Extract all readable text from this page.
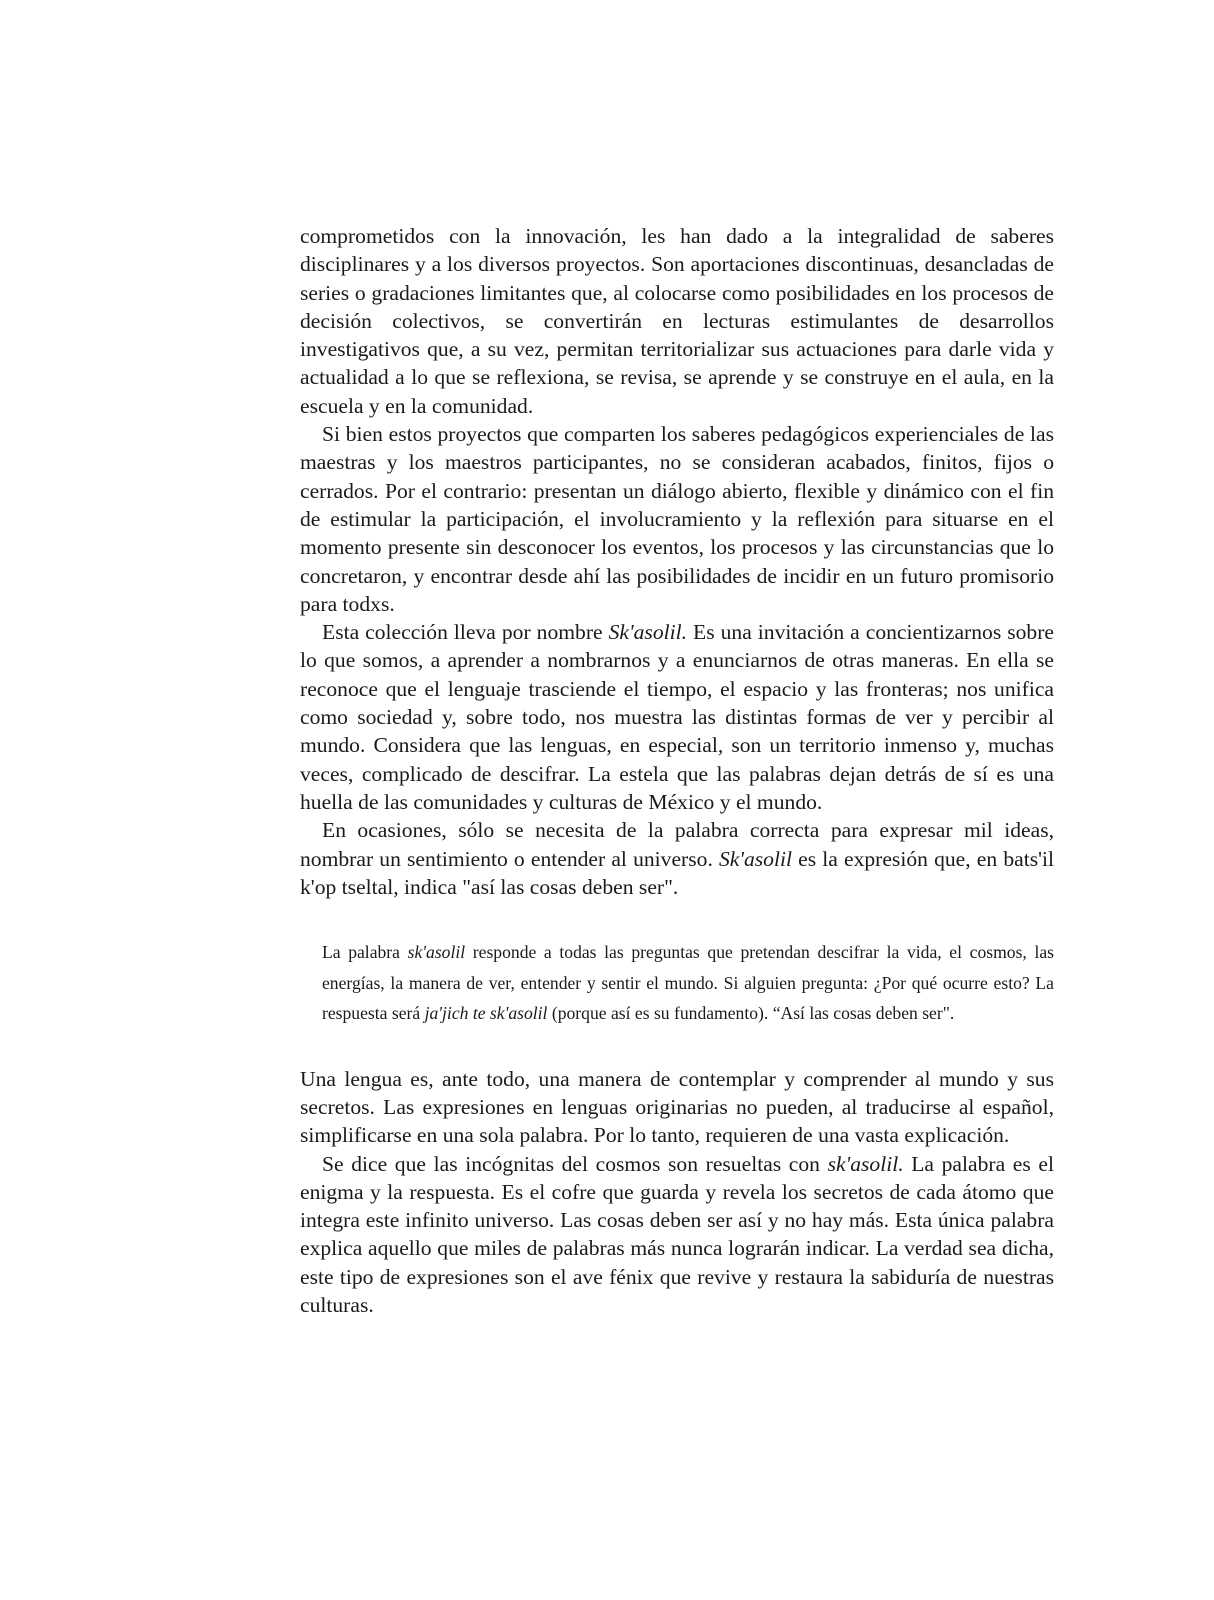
comprometidos con la innovación, les han dado a la integralidad de saberes disciplinares y a los diversos proyectos. Son aportaciones discontinuas, desancladas de series o gradaciones limitantes que, al colocarse como posibilidades en los procesos de decisión colectivos, se convertirán en lecturas estimulantes de desarrollos investigativos que, a su vez, permitan territorializar sus actuaciones para darle vida y actualidad a lo que se reflexiona, se revisa, se aprende y se construye en el aula, en la escuela y en la comunidad.

Si bien estos proyectos que comparten los saberes pedagógicos experienciales de las maestras y los maestros participantes, no se consideran acabados, finitos, fijos o cerrados. Por el contrario: presentan un diálogo abierto, flexible y dinámico con el fin de estimular la participación, el involucramiento y la reflexión para situarse en el momento presente sin desconocer los eventos, los procesos y las circunstancias que lo concretaron, y encontrar desde ahí las posibilidades de incidir en un futuro promisorio para todxs.

Esta colección lleva por nombre Sk'asolil. Es una invitación a concientizarnos sobre lo que somos, a aprender a nombrarnos y a enunciarnos de otras maneras. En ella se reconoce que el lenguaje trasciende el tiempo, el espacio y las fronteras; nos unifica como sociedad y, sobre todo, nos muestra las distintas formas de ver y percibir al mundo. Considera que las lenguas, en especial, son un territorio inmenso y, muchas veces, complicado de descifrar. La estela que las palabras dejan detrás de sí es una huella de las comunidades y culturas de México y el mundo.

En ocasiones, sólo se necesita de la palabra correcta para expresar mil ideas, nombrar un sentimiento o entender al universo. Sk'asolil es la expresión que, en bats'il k'op tseltal, indica "así las cosas deben ser".

La palabra sk'asolil responde a todas las preguntas que pretendan descifrar la vida, el cosmos, las energías, la manera de ver, entender y sentir el mundo. Si alguien pregunta: ¿Por qué ocurre esto? La respuesta será ja'jich te sk'asolil (porque así es su fundamento). “Así las cosas deben ser".

Una lengua es, ante todo, una manera de contemplar y comprender al mundo y sus secretos. Las expresiones en lenguas originarias no pueden, al traducirse al español, simplificarse en una sola palabra. Por lo tanto, requieren de una vasta explicación.

Se dice que las incógnitas del cosmos son resueltas con sk'asolil. La palabra es el enigma y la respuesta. Es el cofre que guarda y revela los secretos de cada átomo que integra este infinito universo. Las cosas deben ser así y no hay más. Esta única palabra explica aquello que miles de palabras más nunca lograrán indicar. La verdad sea dicha, este tipo de expresiones son el ave fénix que revive y restaura la sabiduría de nuestras culturas.
